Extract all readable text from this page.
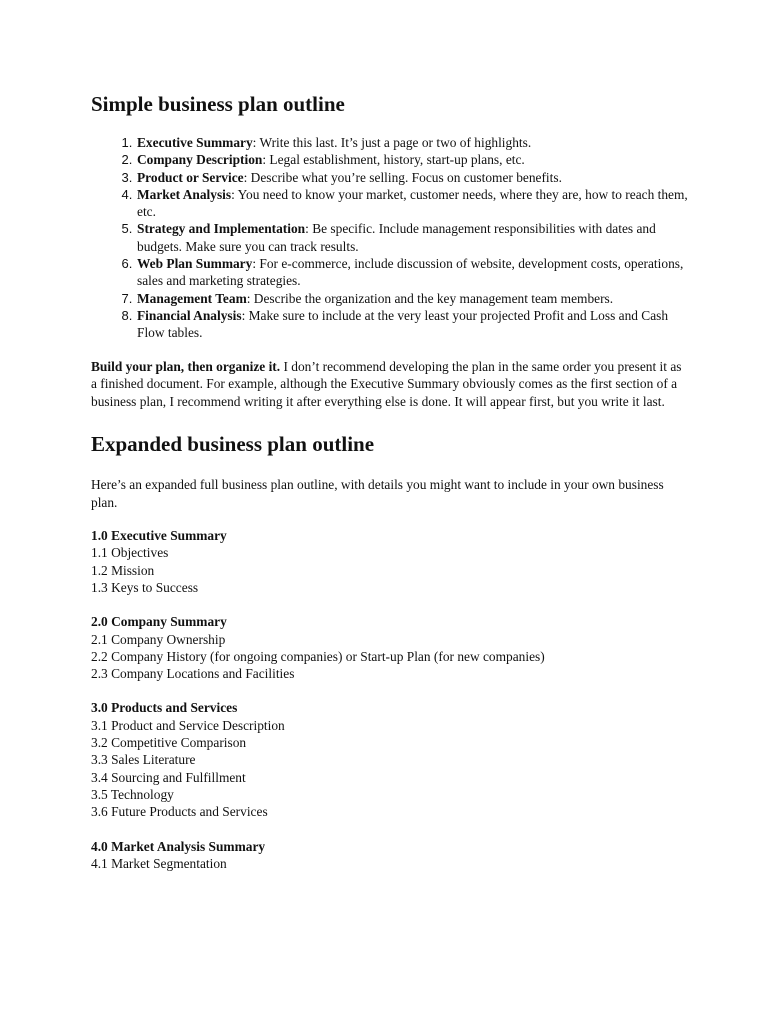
Simple business plan outline
1. Executive Summary: Write this last. It’s just a page or two of highlights.
2. Company Description: Legal establishment, history, start-up plans, etc.
3. Product or Service: Describe what you’re selling. Focus on customer benefits.
4. Market Analysis: You need to know your market, customer needs, where they are, how to reach them, etc.
5. Strategy and Implementation: Be specific. Include management responsibilities with dates and budgets. Make sure you can track results.
6. Web Plan Summary: For e-commerce, include discussion of website, development costs, operations, sales and marketing strategies.
7. Management Team: Describe the organization and the key management team members.
8. Financial Analysis: Make sure to include at the very least your projected Profit and Loss and Cash Flow tables.

Build your plan, then organize it. I don’t recommend developing the plan in the same order you present it as a finished document. For example, although the Executive Summary obviously comes as the first section of a business plan, I recommend writing it after everything else is done. It will appear first, but you write it last.

Expanded business plan outline

Here’s an expanded full business plan outline, with details you might want to include in your own business plan.

1.0 Executive Summary
1.1 Objectives
1.2 Mission
1.3 Keys to Success
2.0 Company Summary
2.1 Company Ownership
2.2 Company History (for ongoing companies) or Start-up Plan (for new companies)
2.3 Company Locations and Facilities
3.0 Products and Services
3.1 Product and Service Description
3.2 Competitive Comparison
3.3 Sales Literature
3.4 Sourcing and Fulfillment
3.5 Technology
3.6 Future Products and Services
4.0 Market Analysis Summary
4.1 Market Segmentation
